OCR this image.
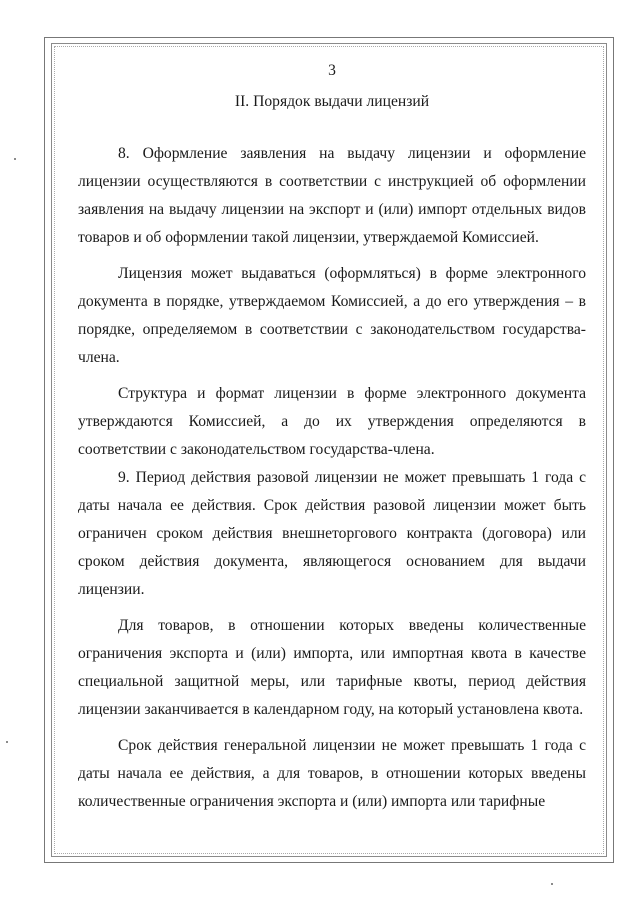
3
II. Порядок выдачи лицензий

8. Оформление заявления на выдачу лицензии и оформление лицензии осуществляются в соответствии с инструкцией об оформлении заявления на выдачу лицензии на экспорт и (или) импорт отдельных видов товаров и об оформлении такой лицензии, утверждаемой Комиссией.

Лицензия может выдаваться (оформляться) в форме электронного документа в порядке, утверждаемом Комиссией, а до его утверждения – в порядке, определяемом в соответствии с законодательством государства-члена.

Структура и формат лицензии в форме электронного документа утверждаются Комиссией, а до их утверждения определяются в соответствии с законодательством государства-члена.

9. Период действия разовой лицензии не может превышать 1 года с даты начала ее действия. Срок действия разовой лицензии может быть ограничен сроком действия внешнеторгового контракта (договора) или сроком действия документа, являющегося основанием для выдачи лицензии.

Для товаров, в отношении которых введены количественные ограничения экспорта и (или) импорта, или импортная квота в качестве специальной защитной меры, или тарифные квоты, период действия лицензии заканчивается в календарном году, на который установлена квота.

Срок действия генеральной лицензии не может превышать 1 года с даты начала ее действия, а для товаров, в отношении которых введены количественные ограничения экспорта и (или) импорта или тарифные
